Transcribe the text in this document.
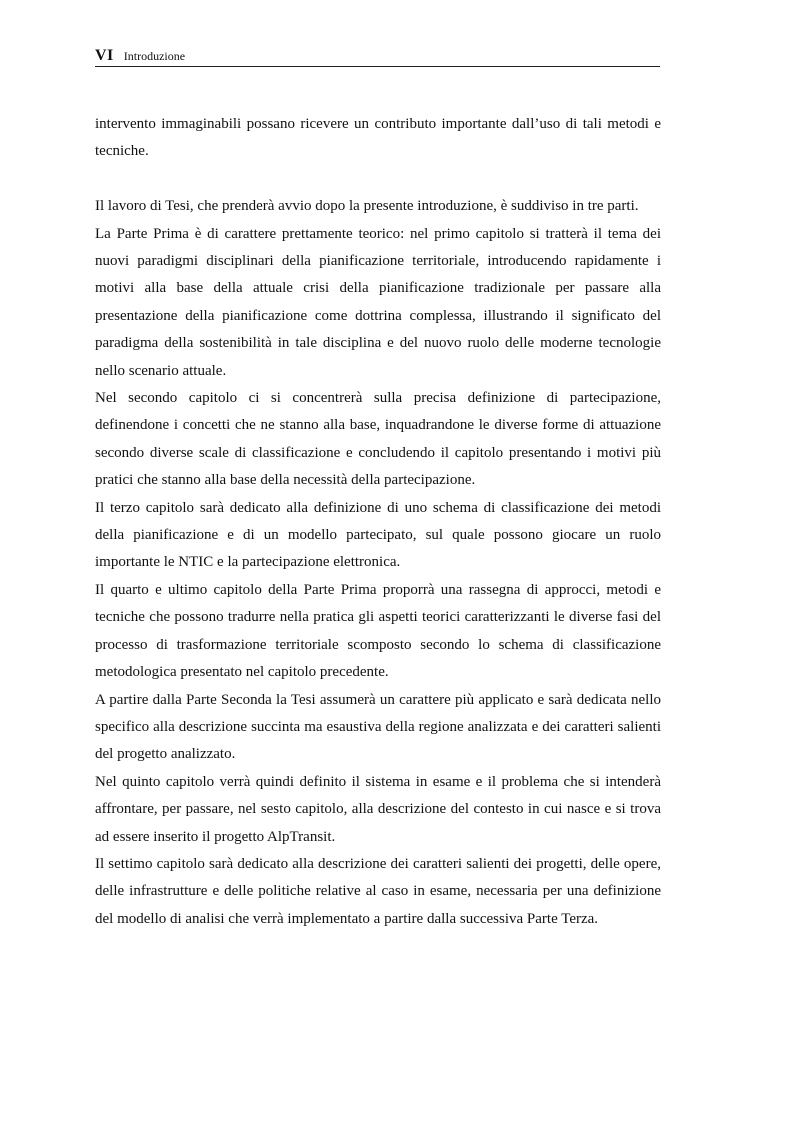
VI Introduzione

intervento immaginabili possano ricevere un contributo importante dall’uso di tali metodi e tecniche.

Il lavoro di Tesi, che prenderà avvio dopo la presente introduzione, è suddiviso in tre parti.

La Parte Prima è di carattere prettamente teorico: nel primo capitolo si tratterà il tema dei nuovi paradigmi disciplinari della pianificazione territoriale, introducendo rapidamente i motivi alla base della attuale crisi della pianificazione tradizionale per passare alla presentazione della pianificazione come dottrina complessa, illustrando il significato del paradigma della sostenibilità in tale disciplina e del nuovo ruolo delle moderne tecnologie nello scenario attuale.

Nel secondo capitolo ci si concentrerà sulla precisa definizione di partecipazione, definendone i concetti che ne stanno alla base, inquadrandone le diverse forme di attuazione secondo diverse scale di classificazione e concludendo il capitolo presentando i motivi più pratici che stanno alla base della necessità della partecipazione.

Il terzo capitolo sarà dedicato alla definizione di uno schema di classificazione dei metodi della pianificazione e di un modello partecipato, sul quale possono giocare un ruolo importante le NTIC e la partecipazione elettronica.

Il quarto e ultimo capitolo della Parte Prima proporrà una rassegna di approcci, metodi e tecniche che possono tradurre nella pratica gli aspetti teorici caratterizzanti le diverse fasi del processo di trasformazione territoriale scomposto secondo lo schema di classificazione metodologica presentato nel capitolo precedente.

A partire dalla Parte Seconda la Tesi assumerà un carattere più applicato e sarà dedicata nello specifico alla descrizione succinta ma esaustiva della regione analizzata e dei caratteri salienti del progetto analizzato.

Nel quinto capitolo verrà quindi definito il sistema in esame e il problema che si intenderà affrontare, per passare, nel sesto capitolo, alla descrizione del contesto in cui nasce e si trova ad essere inserito il progetto AlpTransit.

Il settimo capitolo sarà dedicato alla descrizione dei caratteri salienti dei progetti, delle opere, delle infrastrutture e delle politiche relative al caso in esame, necessaria per una definizione del modello di analisi che verrà implementato a partire dalla successiva Parte Terza.
